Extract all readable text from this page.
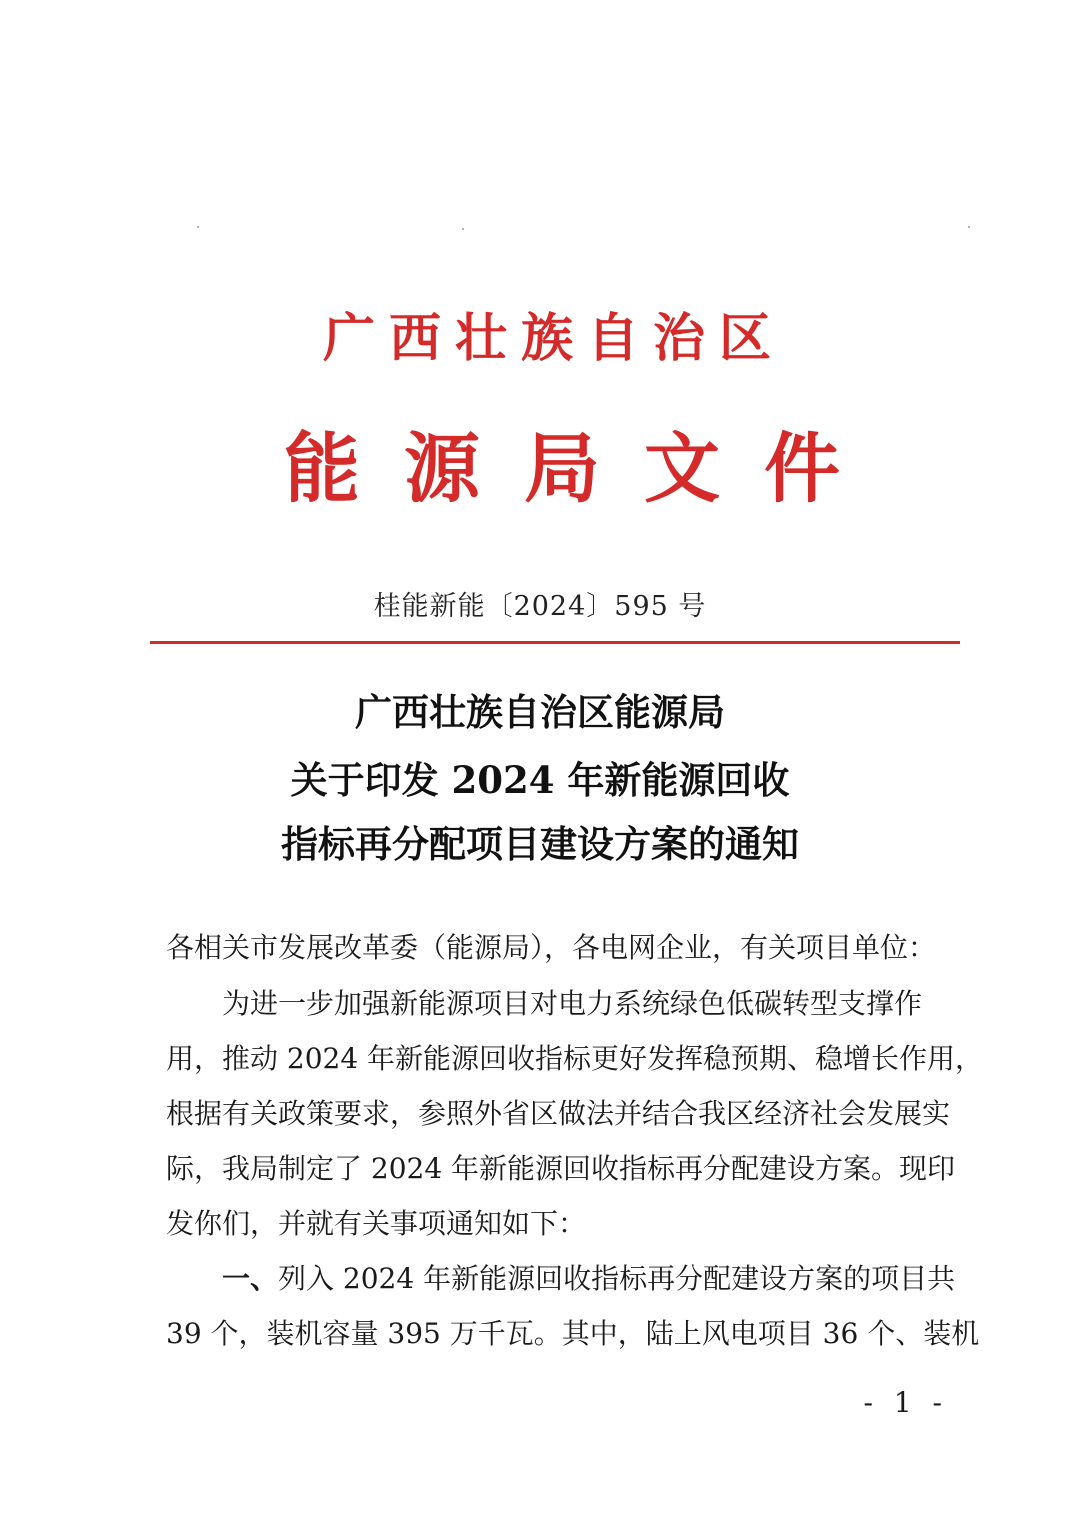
广西壮族自治区
能源局文件
桂能新能〔2024〕595 号
广西壮族自治区能源局
关于印发 2024 年新能源回收
指标再分配项目建设方案的通知
各相关市发展改革委（能源局），各电网企业，有关项目单位：
为进一步加强新能源项目对电力系统绿色低碳转型支撑作
用，推动 2024 年新能源回收指标更好发挥稳预期、稳增长作用，
根据有关政策要求，参照外省区做法并结合我区经济社会发展实
际，我局制定了 2024 年新能源回收指标再分配建设方案。现印
发你们，并就有关事项通知如下：
一、列入 2024 年新能源回收指标再分配建设方案的项目共
39 个，装机容量 395 万千瓦。其中，陆上风电项目 36 个、装机
- 1 -
